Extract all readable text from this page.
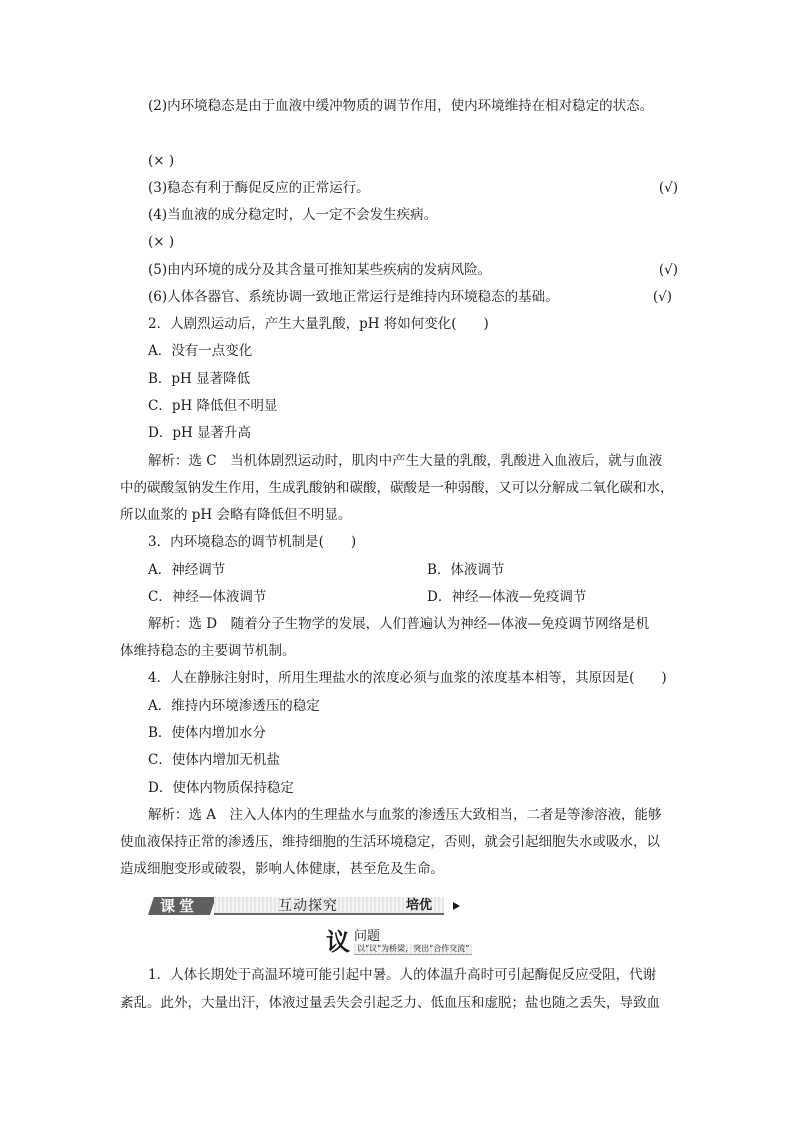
(2)内环境稳态是由于血液中缓冲物质的调节作用，使内环境维持在相对稳定的状态。
(× )
(3)稳态有利于酶促反应的正常运行。	(√)
(4)当血液的成分稳定时，人一定不会发生疾病。
(× )
(5)由内环境的成分及其含量可推知某些疾病的发病风险。	(√)
(6)人体各器官、系统协调一致地正常运行是维持内环境稳态的基础。	(√)
2．人剧烈运动后，产生大量乳酸，pH 将如何变化(　　)
A．没有一点变化
B．pH 显著降低
C．pH 降低但不明显
D．pH 显著升高
解析：选 C　当机体剧烈运动时，肌肉中产生大量的乳酸，乳酸进入血液后，就与血液
中的碳酸氢钠发生作用，生成乳酸钠和碳酸，碳酸是一种弱酸，又可以分解成二氧化碳和水，
所以血浆的 pH 会略有降低但不明显。
3．内环境稳态的调节机制是(　　)
A．神经调节	B．体液调节
C．神经—体液调节	D．神经—体液—免疫调节
解析：选 D　随着分子生物学的发展，人们普遍认为神经—体液—免疫调节网络是机
体维持稳态的主要调节机制。
4．人在静脉注射时，所用生理盐水的浓度必须与血浆的浓度基本相等，其原因是(　　)
A．维持内环境渗透压的稳定
B．使体内增加水分
C．使体内增加无机盐
D．使体内物质保持稳定
解析：选 A　注入人体内的生理盐水与血浆的渗透压大致相当，二者是等渗溶液，能够
使血液保持正常的渗透压，维持细胞的生活环境稳定，否则，就会引起细胞失水或吸水，以
造成细胞变形或破裂，影响人体健康，甚至危及生命。
课堂	互动探究	培优
议 问题
以“议”为桥梁，突出“合作交流”
1．人体长期处于高温环境可能引起中暑。人的体温升高时可引起酶促反应受阻，代谢
紊乱。此外，大量出汗，体液过量丢失会引起乏力、低血压和虚脱；盐也随之丢失，导致血
